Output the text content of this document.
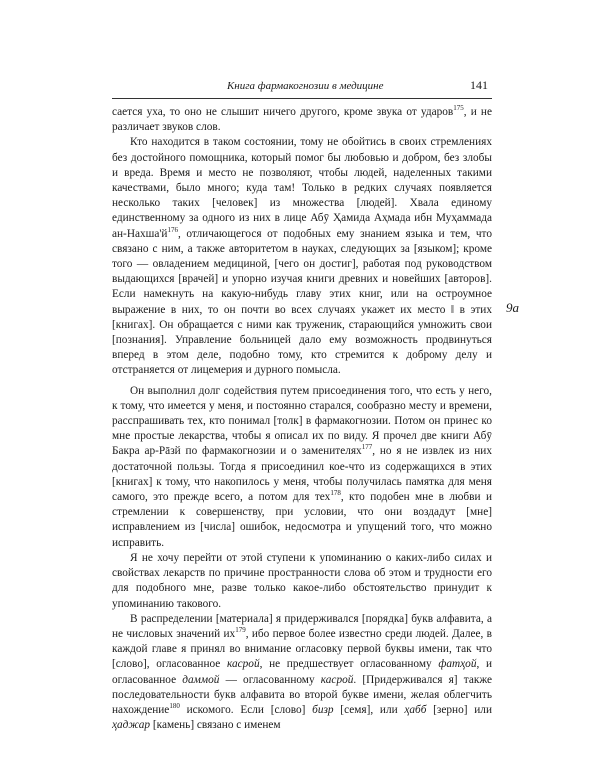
Книга фармакогнозии в медицине	141

сается уха, то оно не слышит ничего другого, кроме звука от ударов$^{175}$, и не различает звуков слов.

Кто находится в таком состоянии, тому не обойтись в своих стремлениях без достойного помощника, который помог бы любовью и добром, без злобы и вреда. Время и место не позволяют, чтобы людей, наделенных такими качествами, было много; куда там! Только в редких случаях появляется несколько таких [человек] из множества [людей]. Хвала единому единственному за одного из них в лице Абӯ Ҳамида Аҳмада ибн Муҳаммада $ан-Нахша'й^{176}$, отличающегося от подобных ему знанием языка и тем, что связано с ним, а также авторитетом в науках, следующих за [языком]; кроме того — овладением медициной, [чего он достиг], работая под руководством выдающихся [врачей] и упорно изучая книги древних и новейших [авторов]. Если намекнуть на какую-нибудь главу этих книг, или на остроумное выражение в них, то он почти во всех случаях укажет их место ‖ в этих [книгах]. Он обращается с ними как труженик, старающийся умножить свои [познания]. Управление больницей дало ему возможность продвинуться вперед в этом деле, подобно тому, кто стремится к доброму делу и отстраняется от лицемерия и дурного помысла.

Он выполнил долг содействия путем присоединения того, что есть у него, к тому, что имеется у меня, и постоянно старался, сообразно месту и времени, расспрашивать тех, кто понимал [толк] в фармакогнозии. Потом он принес ко мне простые лекарства, чтобы я описал их по виду. Я прочел две книги Абӯ Бакра ар-Рāзй по фармакогнозии и о заменителях$^{177}$, но я не извлек из них достаточной пользы. Тогда я присоединил кое-что из содержащихся в этих [книгах] к тому, что накопилось у меня, чтобы получилась памятка для меня самого, это прежде всего, а потом для тех$^{178}$, кто подобен мне в любви и стремлении к совершенству, при условии, что они воздадут [мне] исправлением из [числа] ошибок, недосмотра и упущений того, что можно исправить.

Я не хочу перейти от этой ступени к упоминанию о каких-либо силах и свойствах лекарств по причине пространности слова об этом и трудности его для подобного мне, разве только какое-либо обстоятельство принудит к упоминанию такового.

В распределении [материала] я придерживался [порядка] букв алфавита, а не числовых значений $их^{179}$, ибо первое более известно среди людей. Далее, в каждой главе я принял во внимание огласовку первой буквы имени, так что [слово], огласованное касрой, не предшествует огласованному фатҳой, и огласованное даммой — огласованному касрой. [Придерживался я] также последовательности букв алфавита во второй букве имени, желая облегчить нахождение$^{180}$ искомого. Если [слово] бизр [семя], или ҳабб [зерно] или ҳаджар [камень] связано с именем

9а
